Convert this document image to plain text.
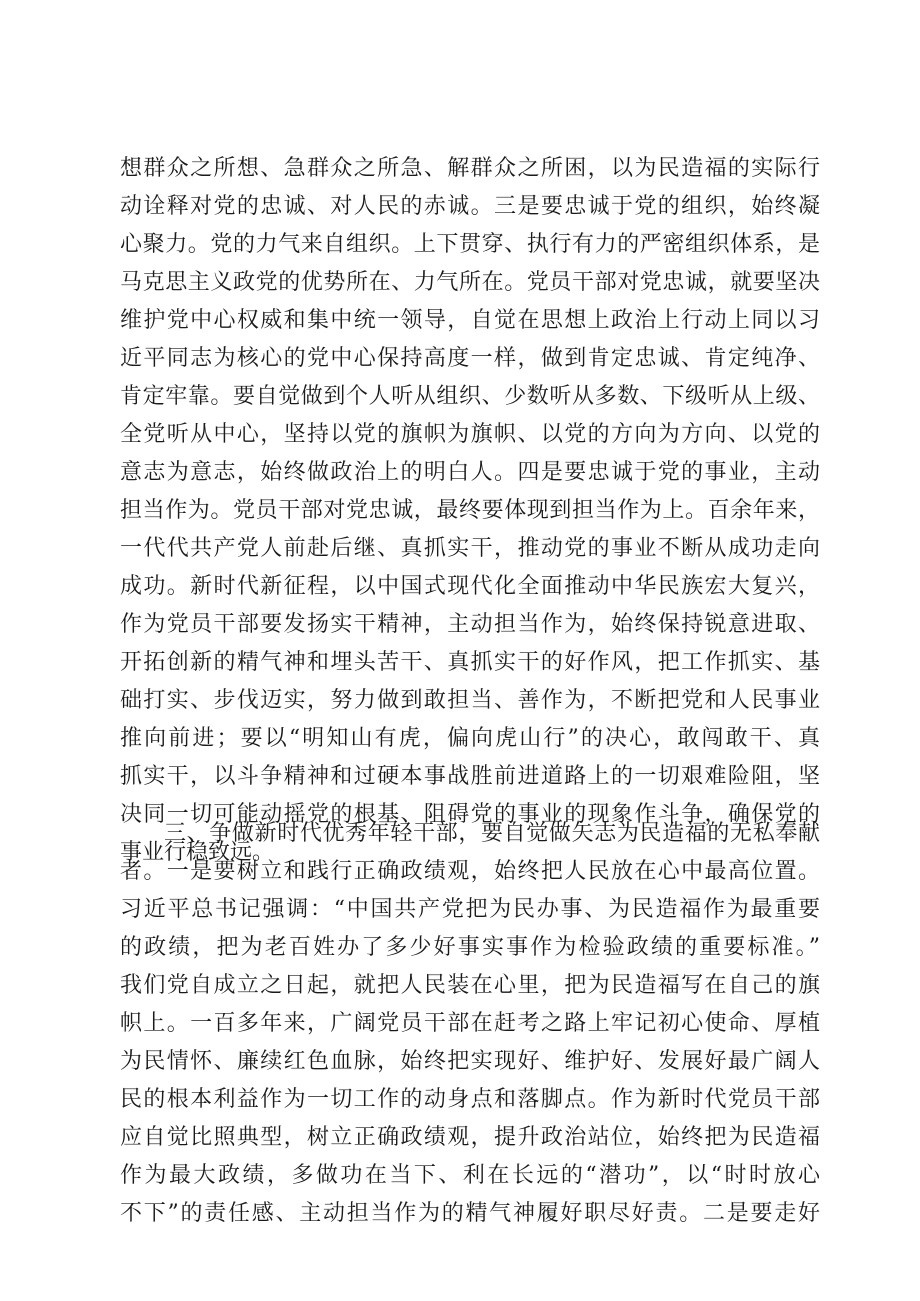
想群众之所想、急群众之所急、解群众之所困，以为民造福的实际行
动诠释对党的忠诚、对人民的赤诚。三是要忠诚于党的组织，始终凝
心聚力。党的力气来自组织。上下贯穿、执行有力的严密组织体系，是
马克思主义政党的优势所在、力气所在。党员干部对党忠诚，就要坚决
维护党中心权威和集中统一领导，自觉在思想上政治上行动上同以习
近平同志为核心的党中心保持高度一样，做到肯定忠诚、肯定纯净、
肯定牢靠。要自觉做到个人听从组织、少数听从多数、下级听从上级、
全党听从中心，坚持以党的旗帜为旗帜、以党的方向为方向、以党的
意志为意志，始终做政治上的明白人。四是要忠诚于党的事业，主动
担当作为。党员干部对党忠诚，最终要体现到担当作为上。百余年来，
一代代共产党人前赴后继、真抓实干，推动党的事业不断从成功走向
成功。新时代新征程，以中国式现代化全面推动中华民族宏大复兴，
作为党员干部要发扬实干精神，主动担当作为，始终保持锐意进取、
开拓创新的精气神和埋头苦干、真抓实干的好作风，把工作抓实、基
础打实、步伐迈实，努力做到敢担当、善作为，不断把党和人民事业
推向前进；要以“明知山有虎，偏向虎山行”的决心，敢闯敢干、真
抓实干，以斗争精神和过硬本事战胜前进道路上的一切艰难险阻，坚
决同一切可能动摇党的根基、阻碍党的事业的现象作斗争，确保党的
事业行稳致远。
三、争做新时代优秀年轻干部，要自觉做矢志为民造福的无私奉献
者。一是要树立和践行正确政绩观，始终把人民放在心中最高位置。
习近平总书记强调：“中国共产党把为民办事、为民造福作为最重要
的政绩，把为老百姓办了多少好事实事作为检验政绩的重要标准。”
我们党自成立之日起，就把人民装在心里，把为民造福写在自己的旗
帜上。一百多年来，广阔党员干部在赶考之路上牢记初心使命、厚植
为民情怀、廉续红色血脉，始终把实现好、维护好、发展好最广阔人
民的根本利益作为一切工作的动身点和落脚点。作为新时代党员干部
应自觉比照典型，树立正确政绩观，提升政治站位，始终把为民造福
作为最大政绩，多做功在当下、利在长远的“潜功”，以“时时放心
不下”的责任感、主动担当作为的精气神履好职尽好责。二是要走好
